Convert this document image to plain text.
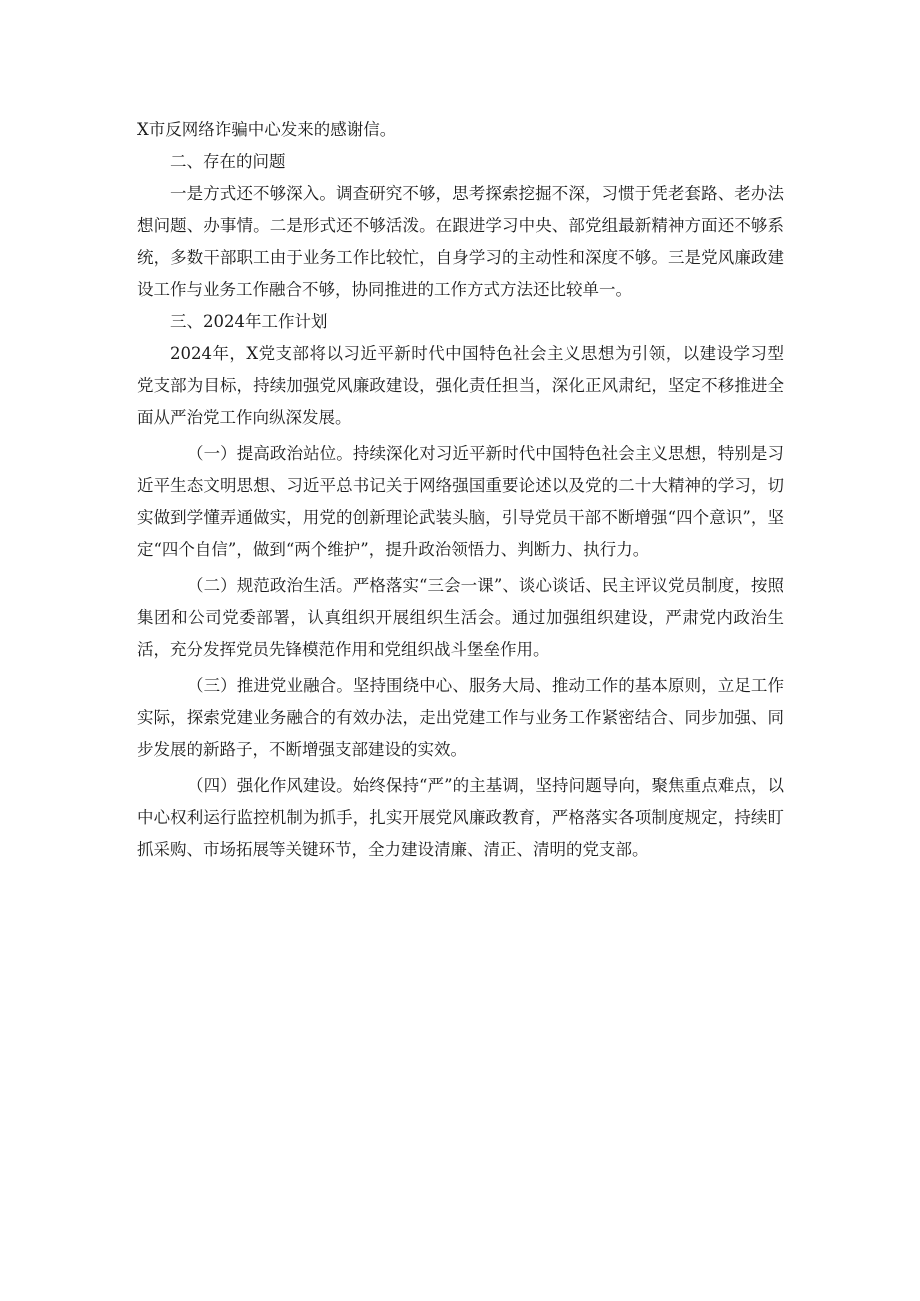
X市反网络诈骗中心发来的感谢信。

二、存在的问题

一是方式还不够深入。调查研究不够，思考探索挖掘不深，习惯于凭老套路、老办法想问题、办事情。二是形式还不够活泼。在跟进学习中央、部党组最新精神方面还不够系统，多数干部职工由于业务工作比较忙，自身学习的主动性和深度不够。三是党风廉政建设工作与业务工作融合不够，协同推进的工作方式方法还比较单一。

三、2024年工作计划

2024年，X党支部将以习近平新时代中国特色社会主义思想为引领，以建设学习型党支部为目标，持续加强党风廉政建设，强化责任担当，深化正风肃纪，坚定不移推进全面从严治党工作向纵深发展。

（一）提高政治站位。持续深化对习近平新时代中国特色社会主义思想，特别是习近平生态文明思想、习近平总书记关于网络强国重要论述以及党的二十大精神的学习，切实做到学懂弄通做实，用党的创新理论武装头脑，引导党员干部不断增强“四个意识”，坚定“四个自信”，做到“两个维护”，提升政治领悟力、判断力、执行力。

（二）规范政治生活。严格落实“三会一课”、谈心谈话、民主评议党员制度，按照集团和公司党委部署，认真组织开展组织生活会。通过加强组织建设，严肃党内政治生活，充分发挥党员先锋模范作用和党组织战斗堡垒作用。

（三）推进党业融合。坚持围绕中心、服务大局、推动工作的基本原则，立足工作实际，探索党建业务融合的有效办法，走出党建工作与业务工作紧密结合、同步加强、同步发展的新路子，不断增强支部建设的实效。

（四）强化作风建设。始终保持“严”的主基调，坚持问题导向，聚焦重点难点，以中心权利运行监控机制为抓手，扎实开展党风廉政教育，严格落实各项制度规定，持续盯抓采购、市场拓展等关键环节，全力建设清廉、清正、清明的党支部。
